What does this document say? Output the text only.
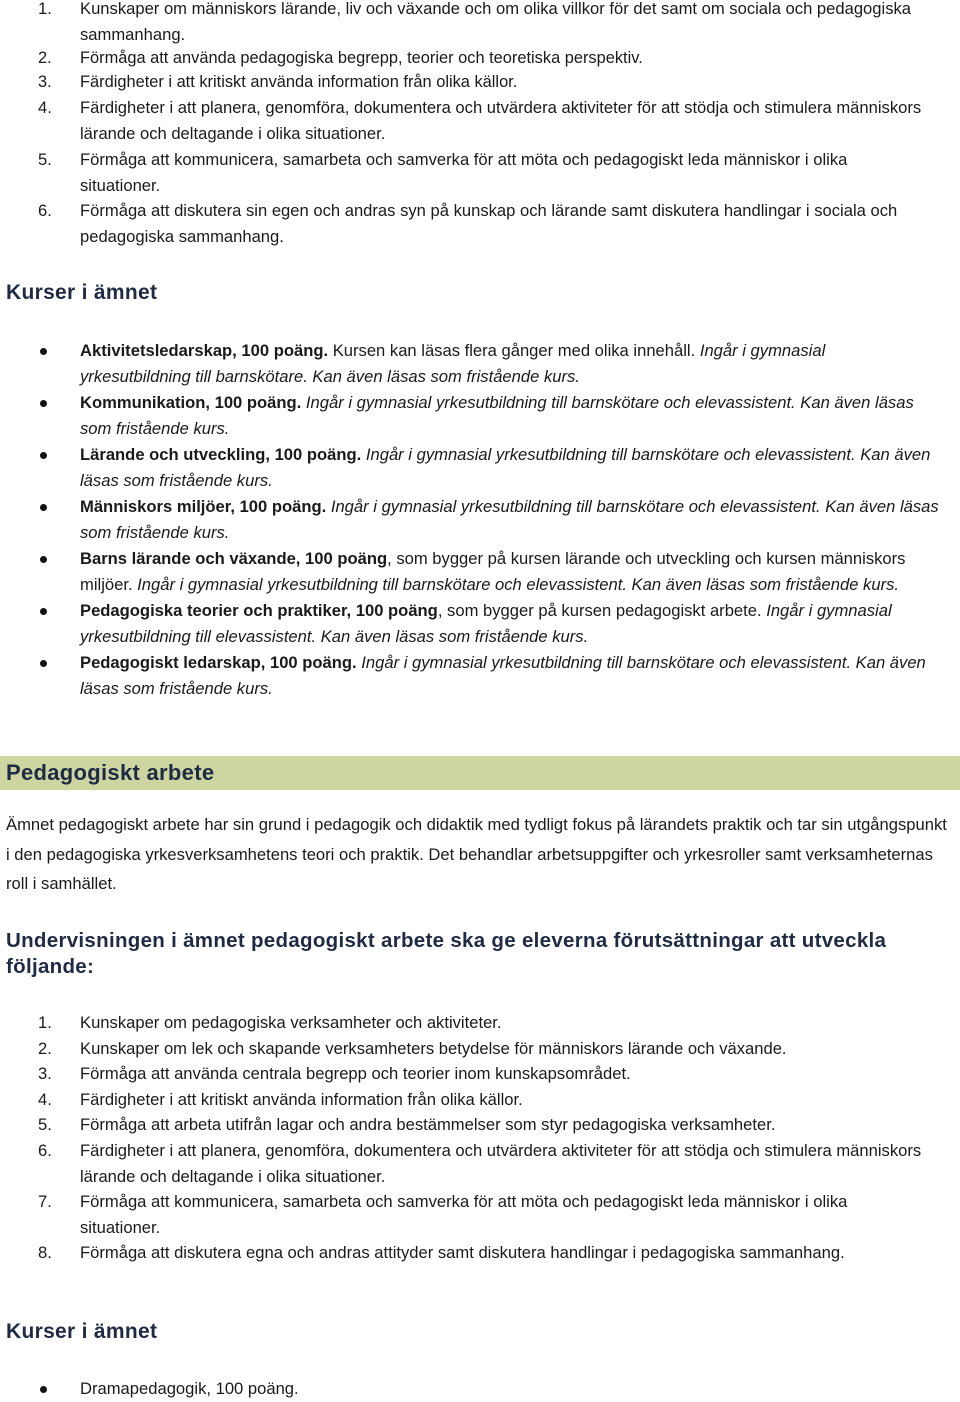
1. Kunskaper om människors lärande, liv och växande och om olika villkor för det samt om sociala och pedagogiska sammanhang.
2. Förmåga att använda pedagogiska begrepp, teorier och teoretiska perspektiv.
3. Färdigheter i att kritiskt använda information från olika källor.
4. Färdigheter i att planera, genomföra, dokumentera och utvärdera aktiviteter för att stödja och stimulera människors lärande och deltagande i olika situationer.
5. Förmåga att kommunicera, samarbeta och samverka för att möta och pedagogiskt leda människor i olika situationer.
6. Förmåga att diskutera sin egen och andras syn på kunskap och lärande samt diskutera handlingar i sociala och pedagogiska sammanhang.
Kurser i ämnet
Aktivitetsledarskap, 100 poäng. Kursen kan läsas flera gånger med olika innehåll. Ingår i gymnasial yrkesutbildning till barnskötare. Kan även läsas som fristående kurs.
Kommunikation, 100 poäng. Ingår i gymnasial yrkesutbildning till barnskötare och elevassistent. Kan även läsas som fristående kurs.
Lärande och utveckling, 100 poäng. Ingår i gymnasial yrkesutbildning till barnskötare och elevassistent. Kan även läsas som fristående kurs.
Människors miljöer, 100 poäng. Ingår i gymnasial yrkesutbildning till barnskötare och elevassistent. Kan även läsas som fristående kurs.
Barns lärande och växande, 100 poäng, som bygger på kursen lärande och utveckling och kursen människors miljöer. Ingår i gymnasial yrkesutbildning till barnskötare och elevassistent. Kan även läsas som fristående kurs.
Pedagogiska teorier och praktiker, 100 poäng, som bygger på kursen pedagogiskt arbete. Ingår i gymnasial yrkesutbildning till elevassistent. Kan även läsas som fristående kurs.
Pedagogiskt ledarskap, 100 poäng. Ingår i gymnasial yrkesutbildning till barnskötare och elevassistent. Kan även läsas som fristående kurs.
Pedagogiskt arbete

Ämnet pedagogiskt arbete har sin grund i pedagogik och didaktik med tydligt fokus på lärandets praktik och tar sin utgångspunkt i den pedagogiska yrkesverksamhetens teori och praktik. Det behandlar arbetsuppgifter och yrkesroller samt verksamheternas roll i samhället.

Undervisningen i ämnet pedagogiskt arbete ska ge eleverna förutsättningar att utveckla följande:
1. Kunskaper om pedagogiska verksamheter och aktiviteter.
2. Kunskaper om lek och skapande verksamheters betydelse för människors lärande och växande.
3. Förmåga att använda centrala begrepp och teorier inom kunskapsområdet.
4. Färdigheter i att kritiskt använda information från olika källor.
5. Förmåga att arbeta utifrån lagar och andra bestämmelser som styr pedagogiska verksamheter.
6. Färdigheter i att planera, genomföra, dokumentera och utvärdera aktiviteter för att stödja och stimulera människors lärande och deltagande i olika situationer.
7. Förmåga att kommunicera, samarbeta och samverka för att möta och pedagogiskt leda människor i olika situationer.
8. Förmåga att diskutera egna och andras attityder samt diskutera handlingar i pedagogiska sammanhang.
Kurser i ämnet
Dramapedagogik, 100 poäng.
